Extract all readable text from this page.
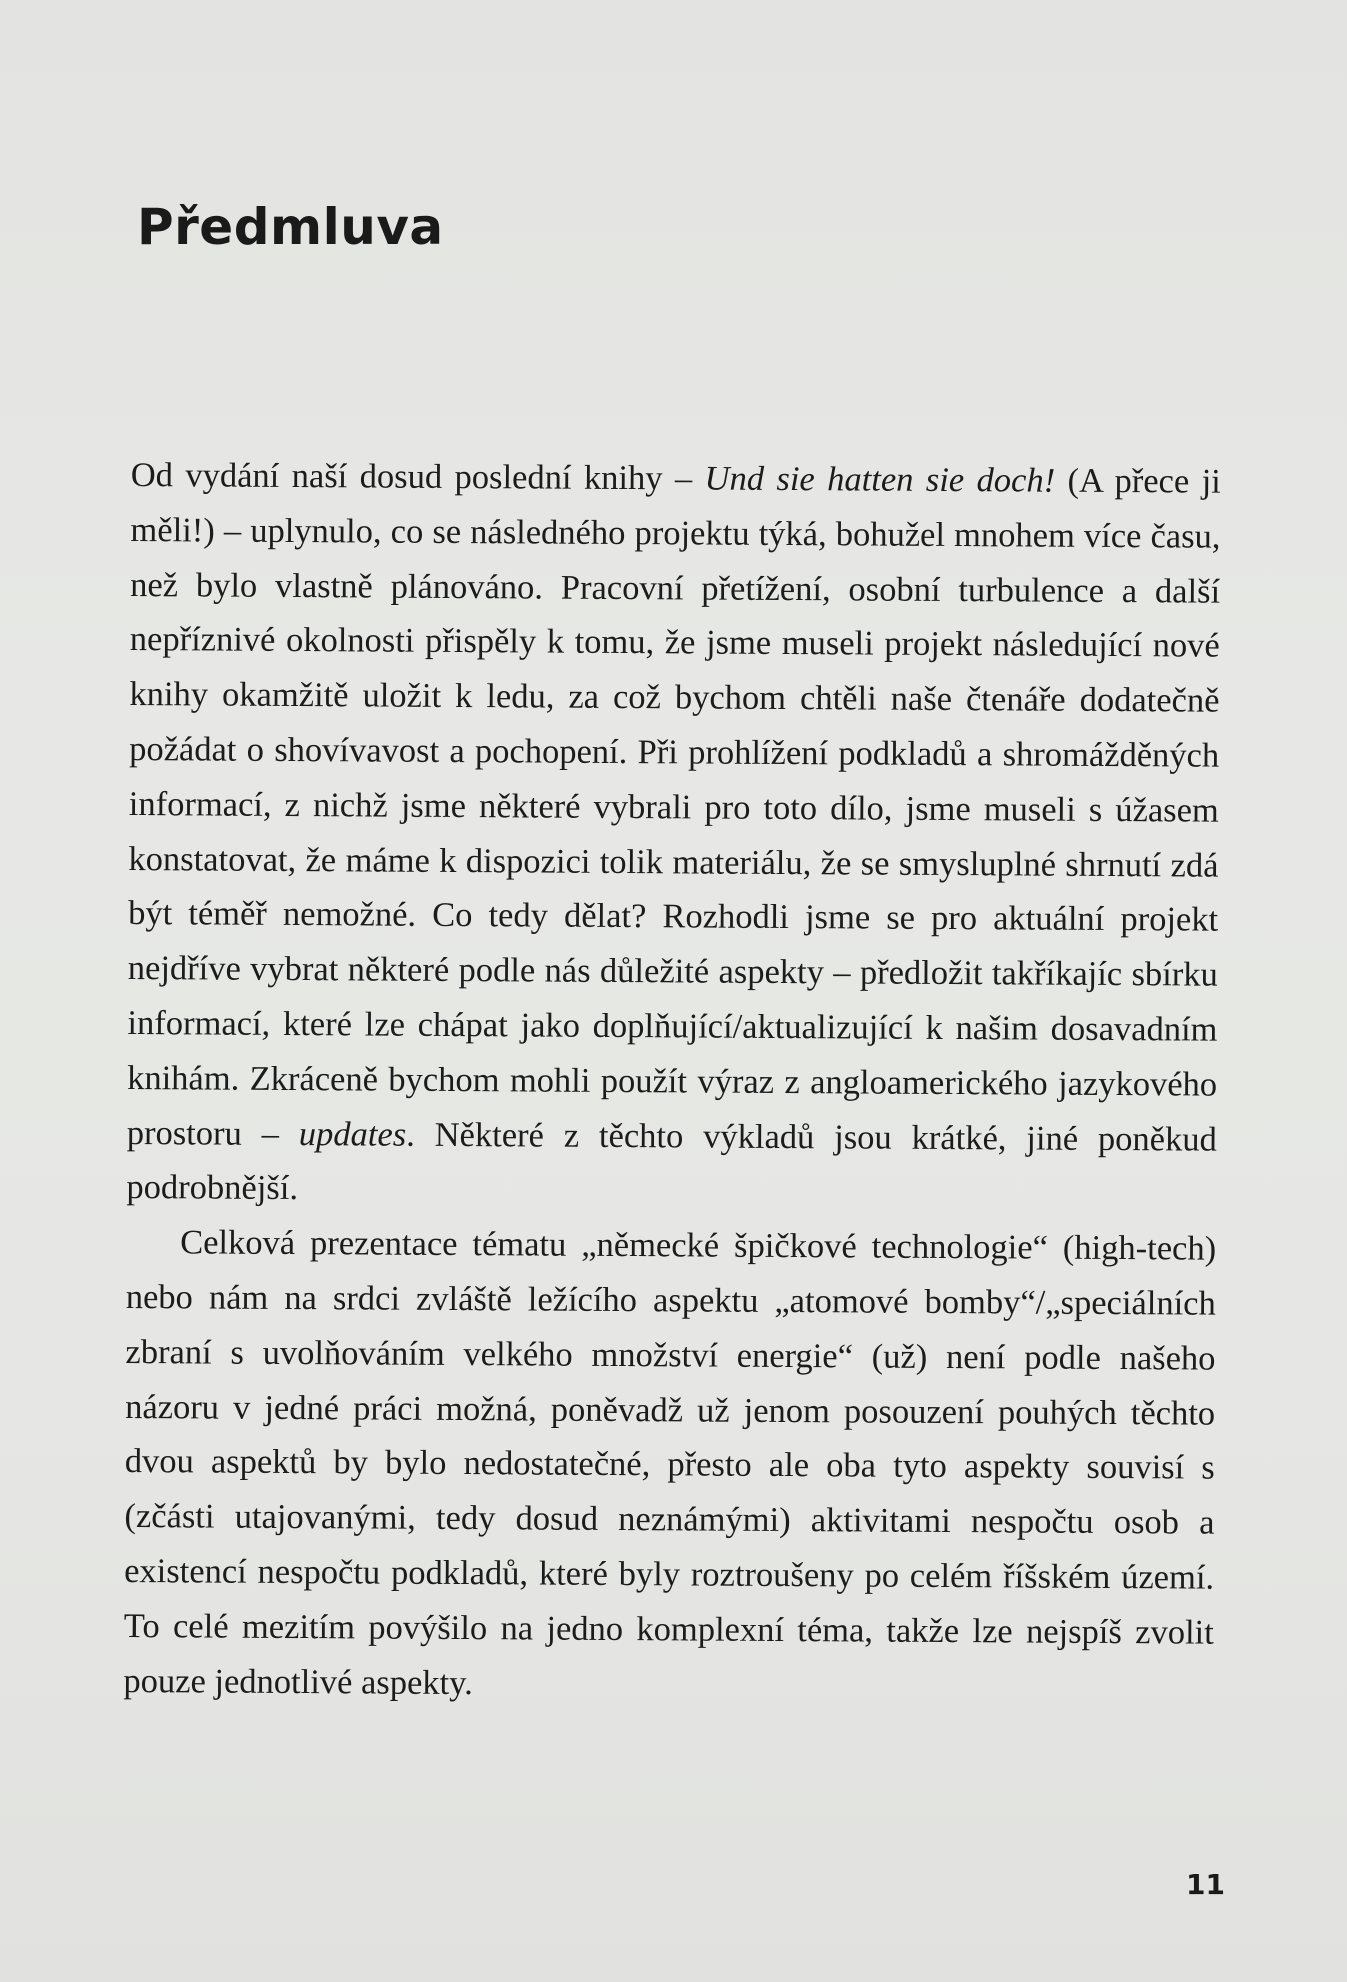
Předmluva

Od vydání naší dosud poslední knihy – Und sie hatten sie doch! (A přece ji měli!) – uplynulo, co se následného projektu týká, bohužel mnohem více času, než bylo vlastně plánováno. Pracovní přetížení, osobní turbulence a další nepříznivé okolnosti přispěly k tomu, že jsme museli projekt následující nové knihy okamžitě uložit k ledu, za což bychom chtěli naše čtenáře dodatečně požádat o shovívavost a pochopení. Při prohlížení podkladů a shromážděných informací, z nichž jsme některé vybrali pro toto dílo, jsme museli s úžasem konstatovat, že máme k dispozici tolik materiálu, že se smysluplné shrnutí zdá být téměř nemožné. Co tedy dělat? Rozhodli jsme se pro aktuální projekt nejdříve vybrat některé podle nás důležité aspekty – předložit takříkajíc sbírku informací, které lze chápat jako doplňující/aktualizující k našim dosavadním knihám. Zkráceně bychom mohli použít výraz z angloamerického jazykového prostoru – updates. Některé z těchto výkladů jsou krátké, jiné poněkud podrobnější.

Celková prezentace tématu „německé špičkové technologie“ (high-tech) nebo nám na srdci zvláště ležícího aspektu „atomové bomby“/„speciálních zbraní s uvolňováním velkého množství energie“ (už) není podle našeho názoru v jedné práci možná, poněvadž už jenom posouzení pouhých těchto dvou aspektů by bylo nedostatečné, přesto ale oba tyto aspekty souvisí s (zčásti utajovanými, tedy dosud neznámými) aktivitami nespočtu osob a existencí nespočtu podkladů, které byly roztroušeny po celém říšském území. To celé mezitím povýšilo na jedno komplexní téma, takže lze nejspíš zvolit pouze jednotlivé aspekty.

11
